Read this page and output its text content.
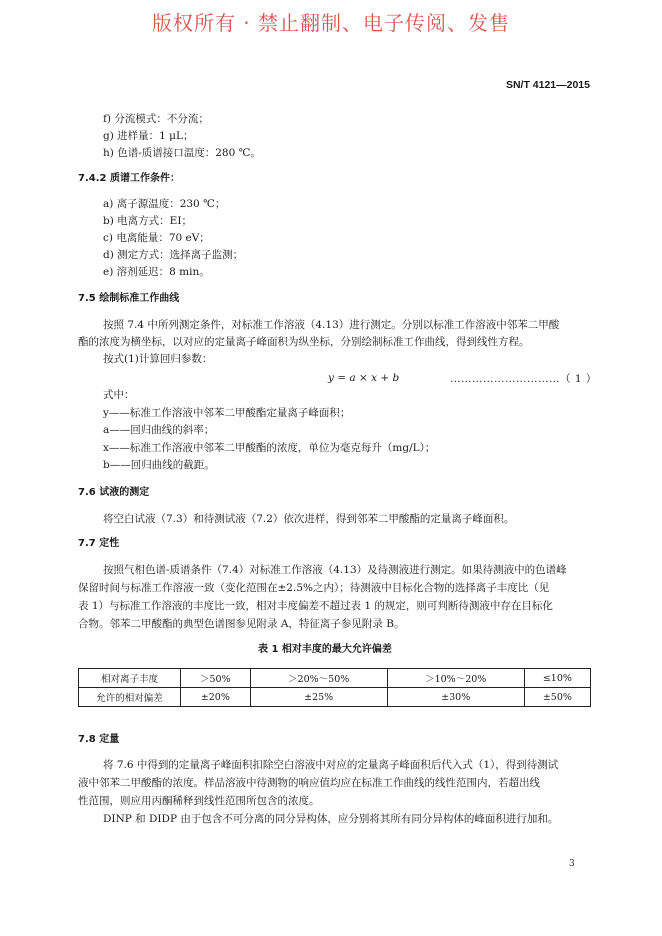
版权所有 · 禁止翻制、电子传阅、发售
SN/T 4121—2015
f) 分流模式：不分流；
g) 进样量：1 μL；
h) 色谱-质谱接口温度：280 ℃。
7.4.2 质谱工作条件：
a) 离子源温度：230 ℃；
b) 电离方式：EI；
c) 电离能量：70 eV；
d) 测定方式：选择离子监测；
e) 溶剂延迟：8 min。
7.5 绘制标准工作曲线
按照 7.4 中所列测定条件，对标准工作溶液（4.13）进行测定。分别以标准工作溶液中邻苯二甲酸
酯的浓度为横坐标，以对应的定量离子峰面积为纵坐标，分别绘制标准工作曲线，得到线性方程。
按式(1)计算回归参数：
y = a × x + b	…………………………（ 1 ）
式中：
y——标准工作溶液中邻苯二甲酸酯定量离子峰面积；
a——回归曲线的斜率；
x——标准工作溶液中邻苯二甲酸酯的浓度，单位为毫克每升（mg/L）；
b——回归曲线的截距。
7.6 试液的测定
将空白试液（7.3）和待测试液（7.2）依次进样，得到邻苯二甲酸酯的定量离子峰面积。
7.7 定性
按照气相色谱-质谱条件（7.4）对标准工作溶液（4.13）及待测液进行测定。如果待测液中的色谱峰
保留时间与标准工作溶液一致（变化范围在±2.5%之内）；待测液中目标化合物的选择离子丰度比（见
表 1）与标准工作溶液的丰度比一致，相对丰度偏差不超过表 1 的规定，则可判断待测液中存在目标化
合物。邻苯二甲酸酯的典型色谱图参见附录 A，特征离子参见附录 B。
表 1 相对丰度的最大允许偏差
相对离子丰度	＞50%	＞20%～50%	＞10%～20%	≤10%
允许的相对偏差	±20%	±25%	±30%	±50%
7.8 定量
将 7.6 中得到的定量离子峰面积扣除空白溶液中对应的定量离子峰面积后代入式（1），得到待测试
液中邻苯二甲酸酯的浓度。样品溶液中待测物的响应值均应在标准工作曲线的线性范围内，若超出线
性范围，则应用丙酮稀释到线性范围所包含的浓度。
DINP 和 DIDP 由于包含不可分离的同分异构体，应分别将其所有同分异构体的峰面积进行加和。
3
